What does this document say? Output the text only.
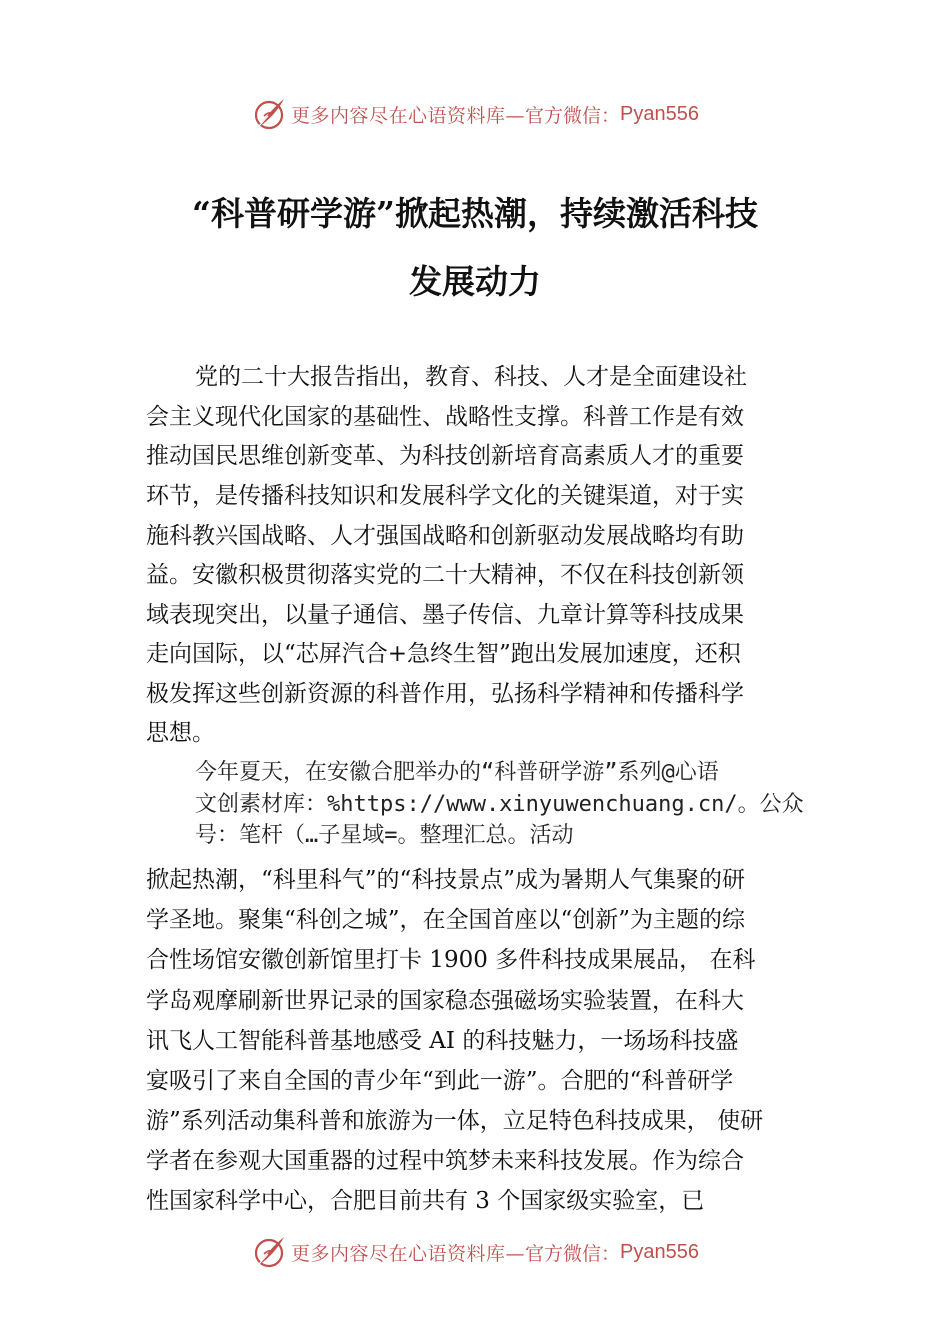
更多内容尽在心语资料库— 官方微信： Pyan556
“科普研学游”掀起热潮，持续激活科技
发展动力
党的二十大报告指出，教育、科技、人才是全面建设社
会主义现代化国家的基础性、战略性支撑。科普工作是有效
推动国民思维创新变革、为科技创新培育高素质人才的重要
环节，是传播科技知识和发展科学文化的关键渠道，对于实
施科教兴国战略、人才强国战略和创新驱动发展战略均有助
益。安徽积极贯彻落实党的二十大精神，不仅在科技创新领
域表现突出，以量子通信、墨子传信、九章计算等科技成果
走向国际，以“芯屏汽合+急终生智”跑出发展加速度，还积
极发挥这些创新资源的科普作用，弘扬科学精神和传播科学
思想。
今年夏天，在安徽合肥举办的“科普研学游”系列@心语
文创素材库：%https://www.xinyuwenchuang.cn/。公众
号：笔杆（…子星域=。整理汇总。活动
掀起热潮，“科里科气”的“科技景点”成为暑期人气集聚的研
学圣地。聚集“科创之城”，在全国首座以“创新”为主题的综
合性场馆安徽创新馆里打卡 1900 多件科技成果展品， 在科
学岛观摩刷新世界记录的国家稳态强磁场实验装置，在科大
讯飞人工智能科普基地感受 AI 的科技魅力，一场场科技盛
宴吸引了来自全国的青少年“到此一游”。合肥的“科普研学
游”系列活动集科普和旅游为一体，立足特色科技成果， 使研
学者在参观大国重器的过程中筑梦未来科技发展。作为综合
性国家科学中心，合肥目前共有 3 个国家级实验室，已
更多内容尽在心语资料库— 官方微信： Pyan556
